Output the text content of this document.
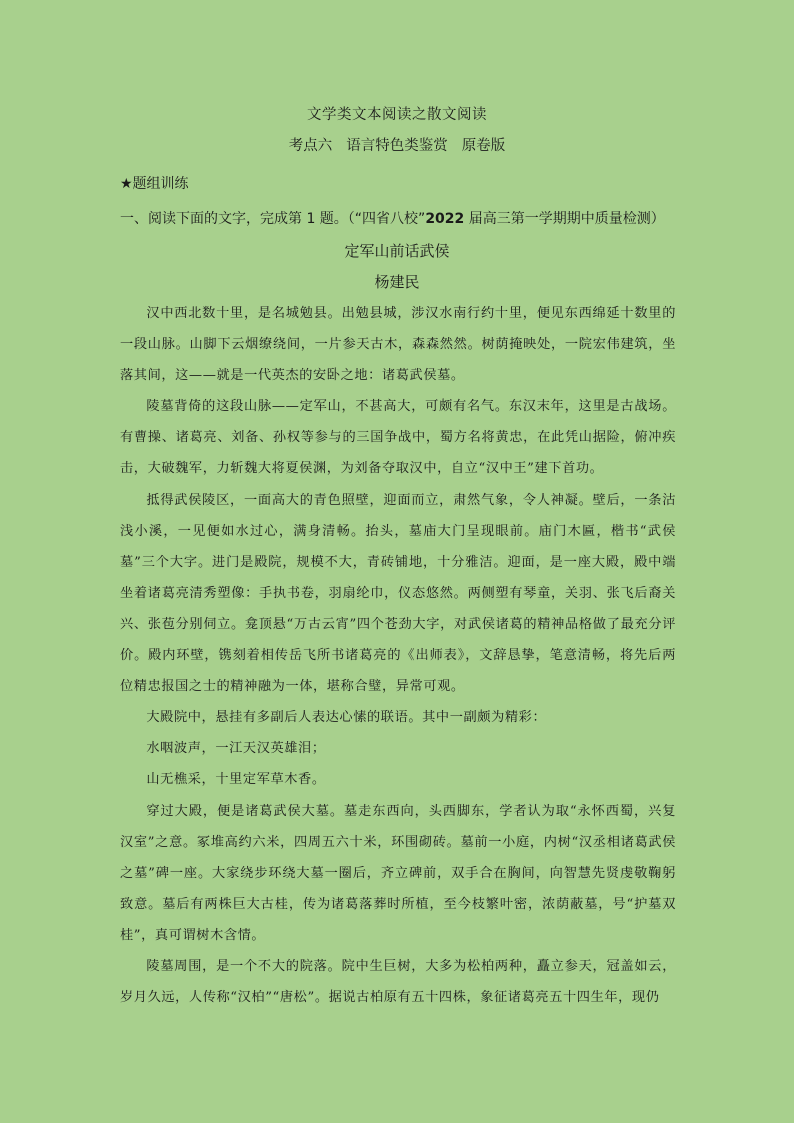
文学类文本阅读之散文阅读
考点六 语言特色类鉴赏 原卷版
★题组训练
一、阅读下面的文字，完成第 1 题。（“四省八校”2022 届高三第一学期期中质量检测）
定军山前话武侯
杨建民

汉中西北数十里，是名城勉县。出勉县城，涉汉水南行约十里，便见东西绵延十数里的一段山脉。山脚下云烟缭绕间，一片参天古木，森森然然。树荫掩映处，一院宏伟建筑，坐落其间，这——就是一代英杰的安卧之地：诸葛武侯墓。

陵墓背倚的这段山脉——定军山，不甚高大，可颇有名气。东汉末年，这里是古战场。有曹操、诸葛亮、刘备、孙权等参与的三国争战中，蜀方名将黄忠，在此凭山据险，俯冲疾击，大破魏军，力斩魏大将夏侯渊，为刘备夺取汉中，自立“汉中王”建下首功。

抵得武侯陵区，一面高大的青色照壁，迎面而立，肃然气象，令人神凝。壁后，一条沽浅小溪，一见便如水过心，满身清畅。抬头，墓庙大门呈现眼前。庙门木匾，楷书“武侯墓”三个大字。进门是殿院，规模不大，青砖铺地，十分雅洁。迎面，是一座大殿，殿中端坐着诸葛亮清秀塑像：手执书卷，羽扇纶巾，仪态悠然。两侧塑有琴童，关羽、张飞后裔关兴、张苞分别伺立。龛顶悬“万古云宵”四个苍劲大字，对武侯诸葛的精神品格做了最充分评价。殿内环壁，镌刻着相传岳飞所书诸葛亮的《出师表》，文辞恳挚，笔意清畅，将先后两位精忠报国之士的精神融为一体，堪称合璧，异常可观。

大殿院中，悬挂有多副后人表达心愫的联语。其中一副颇为精彩：

水咽波声，一江天汉英雄泪；

山无樵采，十里定军草木香。

穿过大殿，便是诸葛武侯大墓。墓走东西向，头西脚东，学者认为取“永怀西蜀，兴复汉室”之意。冢堆高约六米，四周五六十米，环围砌砖。墓前一小庭，内树“汉丞相诸葛武侯之墓”碑一座。大家绕步环绕大墓一圈后，齐立碑前，双手合在胸间，向智慧先贤虔敬鞠躬致意。墓后有两株巨大古桂，传为诸葛落葬时所植，至今枝繁叶密，浓荫蔽墓，号“护墓双桂”，真可谓树木含情。

陵墓周围，是一个不大的院落。院中生巨树，大多为松柏两种，矗立参天，冠盖如云，岁月久远，人传称“汉柏”“唐松”。据说古柏原有五十四株，象征诸葛亮五十四生年，现仍
